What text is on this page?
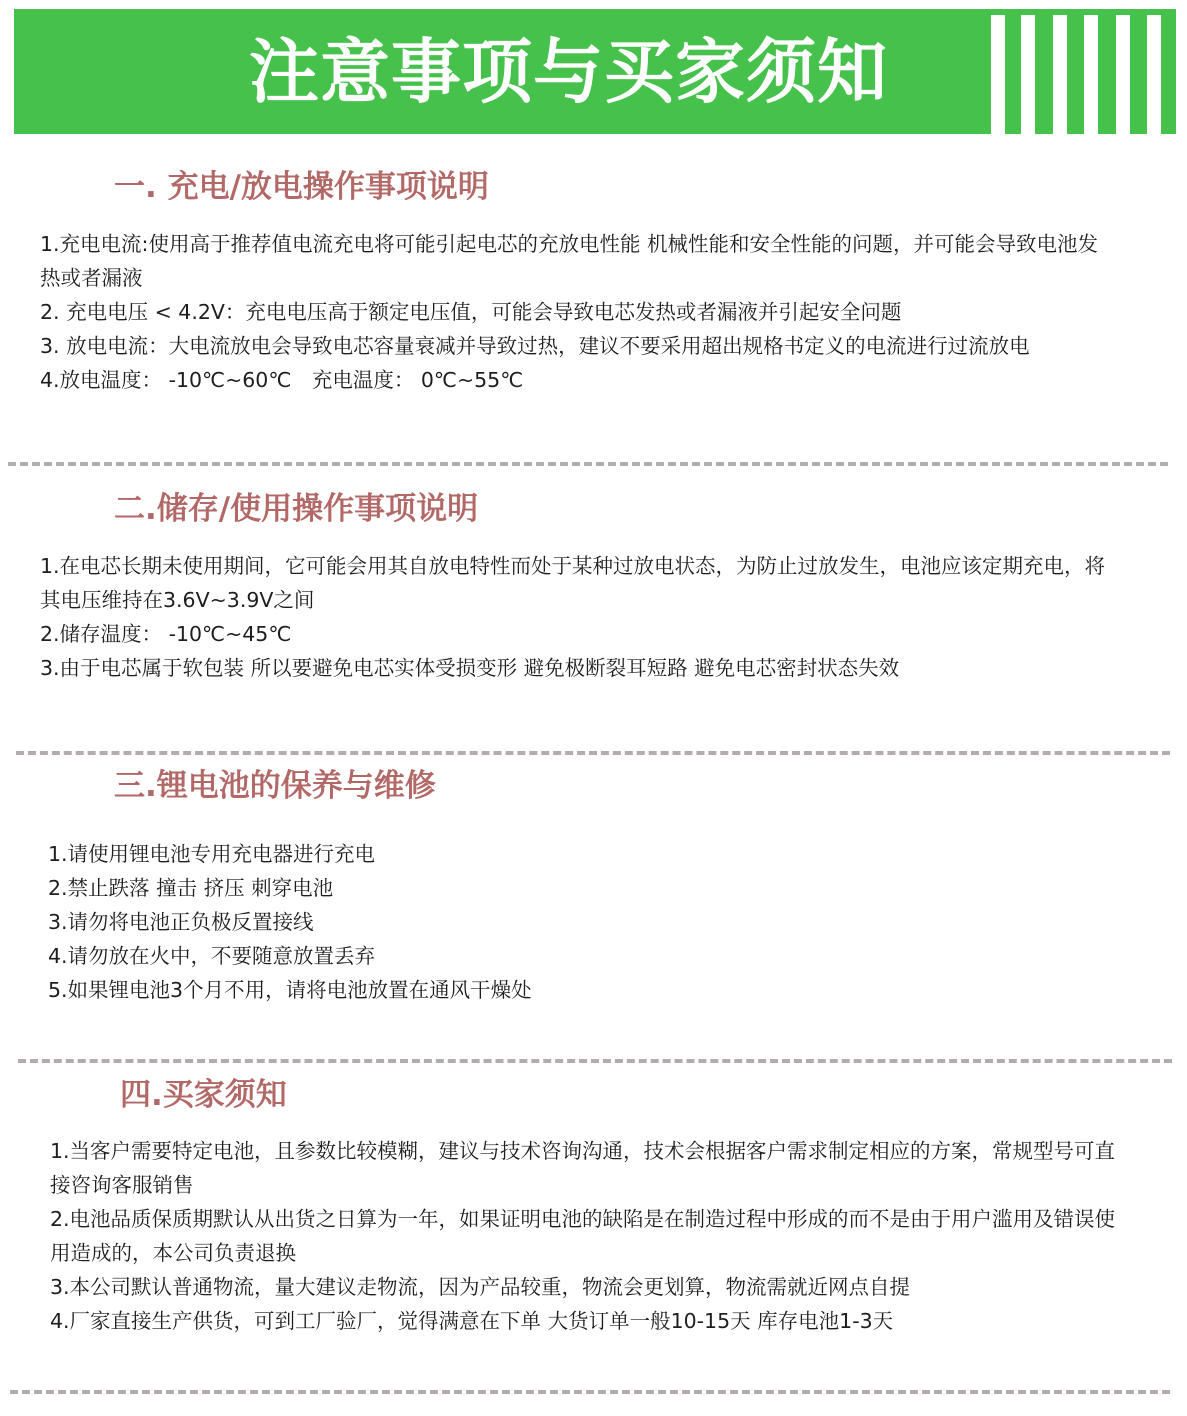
注意事项与买家须知
一. 充电/放电操作事项说明
1.充电电流:使用高于推荐值电流充电将可能引起电芯的充放电性能 机械性能和安全性能的问题，并可能会导致电池发热或者漏液
2. 充电电压 < 4.2V：充电电压高于额定电压值，可能会导致电芯发热或者漏液并引起安全问题
3. 放电电流：大电流放电会导致电芯容量衰减并导致过热，建议不要采用超出规格书定义的电流进行过流放电
4.放电温度： -10℃~60℃　充电温度： 0℃~55℃
二.储存/使用操作事项说明
1.在电芯长期未使用期间，它可能会用其自放电特性而处于某种过放电状态，为防止过放发生，电池应该定期充电，将其电压维持在3.6V~3.9V之间
2.储存温度： -10℃~45℃
3.由于电芯属于软包装 所以要避免电芯实体受损变形 避免极断裂耳短路 避免电芯密封状态失效
三.锂电池的保养与维修
1.请使用锂电池专用充电器进行充电
2.禁止跌落 撞击 挤压 刺穿电池
3.请勿将电池正负极反置接线
4.请勿放在火中，不要随意放置丢弃
5.如果锂电池3个月不用，请将电池放置在通风干燥处
四.买家须知
1.当客户需要特定电池，且参数比较模糊，建议与技术咨询沟通，技术会根据客户需求制定相应的方案，常规型号可直接咨询客服销售
2.电池品质保质期默认从出货之日算为一年，如果证明电池的缺陷是在制造过程中形成的而不是由于用户滥用及错误使用造成的，本公司负责退换
3.本公司默认普通物流，量大建议走物流，因为产品较重，物流会更划算，物流需就近网点自提
4.厂家直接生产供货，可到工厂验厂，觉得满意在下单 大货订单一般10-15天 库存电池1-3天
